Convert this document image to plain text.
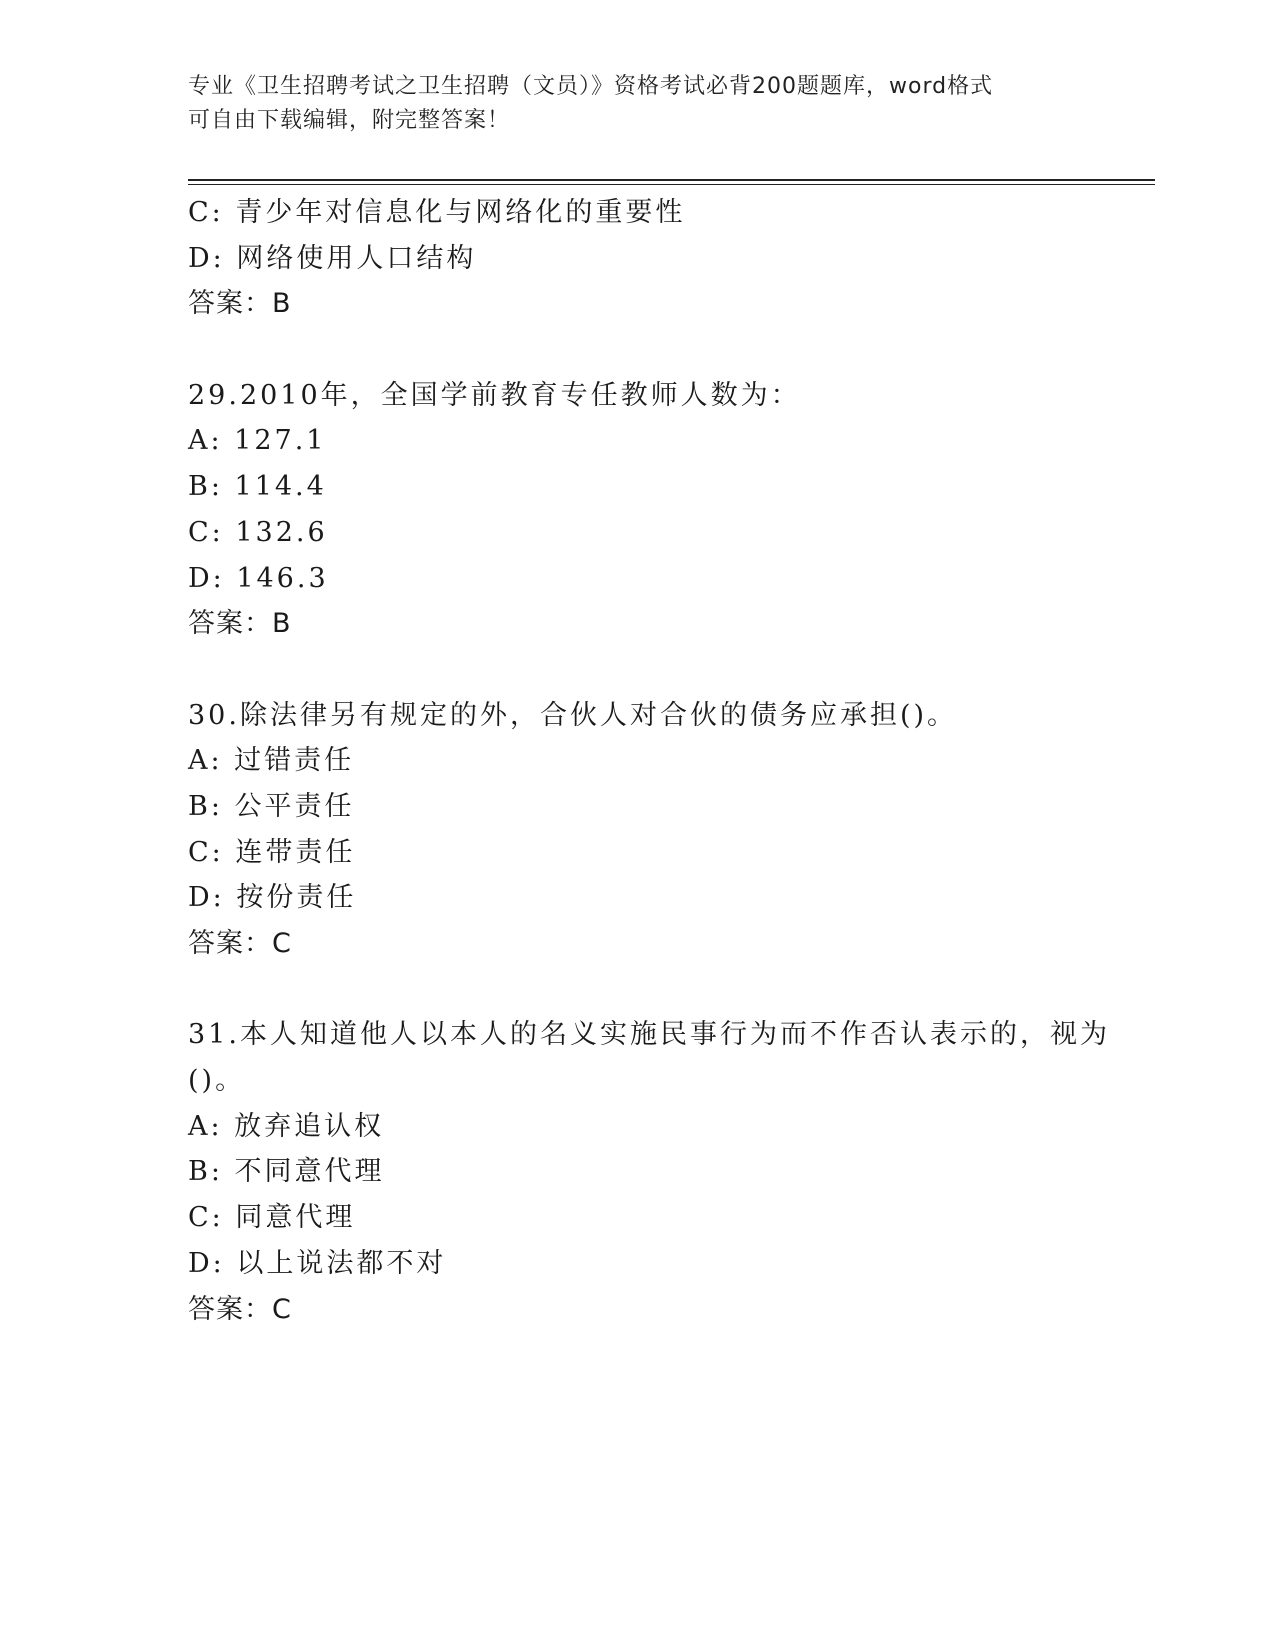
专业《卫生招聘考试之卫生招聘（文员）》资格考试必背200题题库，word格式
可自由下载编辑，附完整答案！
C: 青少年对信息化与网络化的重要性
D: 网络使用人口结构
答案：B
29.2010年，全国学前教育专任教师人数为：
A: 127.1
B: 114.4
C: 132.6
D: 146.3
答案：B
30.除法律另有规定的外，合伙人对合伙的债务应承担()。
A: 过错责任
B: 公平责任
C: 连带责任
D: 按份责任
答案：C
31.本人知道他人以本人的名义实施民事行为而不作否认表示的，视为
()。
A: 放弃追认权
B: 不同意代理
C: 同意代理
D: 以上说法都不对
答案：C
